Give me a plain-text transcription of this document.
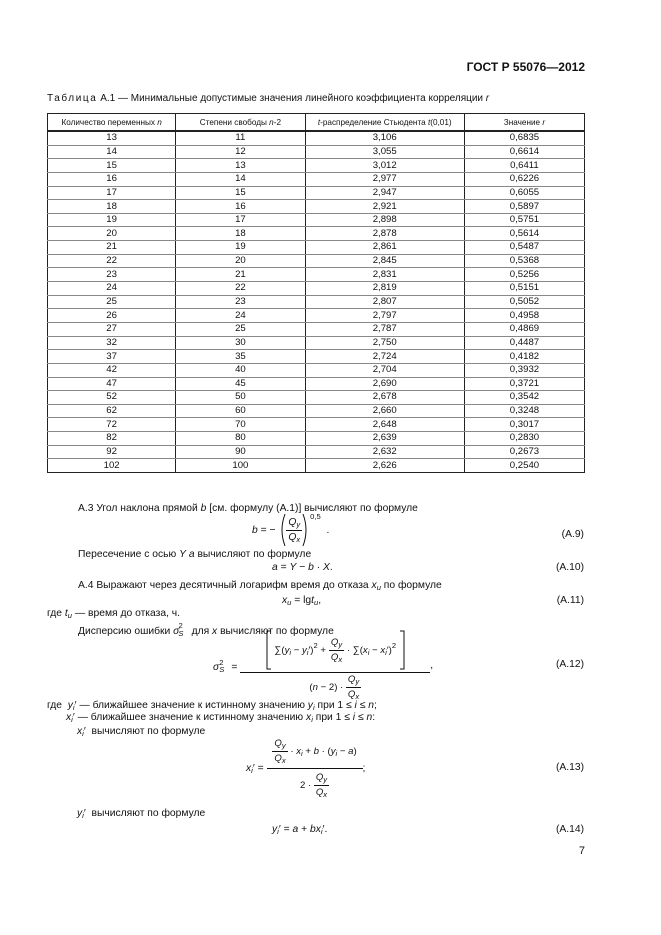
ГОСТ Р 55076—2012
Таблица А.1 — Минимальные допустимые значения линейного коэффициента корреляции r
Количество переменных n	Степени свободы n-2	t-распределение Стьюдента t(0,01)	Значение r
13	11	3,106	0,6835
14	12	3,055	0,6614
15	13	3,012	0,6411
16	14	2,977	0,6226
17	15	2,947	0,6055
18	16	2,921	0,5897
19	17	2,898	0,5751
20	18	2,878	0,5614
21	19	2,861	0,5487
22	20	2,845	0,5368
23	21	2,831	0,5256
24	22	2,819	0,5151
25	23	2,807	0,5052
26	24	2,797	0,4958
27	25	2,787	0,4869
32	30	2,750	0,4487
37	35	2,724	0,4182
42	40	2,704	0,3932
47	45	2,690	0,3721
52	50	2,678	0,3542
62	60	2,660	0,3248
72	70	2,648	0,3017
82	80	2,639	0,2830
92	90	2,632	0,2673
102	100	2,626	0,2540
А.3 Угол наклона прямой b [см. формулу (А.1)] вычисляют по формуле
b = − $\frac{Q_y}{Q_x}$
$^{0,5}$  .	(А.9)
Пересечение с осью Y a вычисляют по формуле
a = Y − b · X.	(А.10)
А.4 Выражают через десятичный логарифм время до отказа $x_u$ по формуле
$x_u = \lg t_u$,	(А.11)
где $t_u$ — время до отказа, ч.
Дисперсию ошибки $\sigma_S^2$ для x вычисляют по формуле
$\sigma_S^2 = \frac{\sum(y_i - y_i')^2 + \frac{Q_y}{Q_x} \cdot \sum(x_i - x_i')^2}{(n - 2) \cdot \frac{Q_y}{Q_x}}$ ,	(А.12)
где $y_i'$ — ближайшее значение к истинному значению $y_i$ при 1 ≤ i ≤ n;
$x_i'$ — ближайшее значение к истинному значению $x_i$ при 1 ≤ i ≤ n:
$x_i'$  вычисляют по формуле
$x_i' = \frac{\frac{Q_y}{Q_x} \cdot x_i + b \cdot (y_i - a)}{2 \cdot \frac{Q_y}{Q_x}}$ ;	(А.13)
$y_i'$  вычисляют по формуле
$y_i' = a + bx_i'$.	(А.14)
7
